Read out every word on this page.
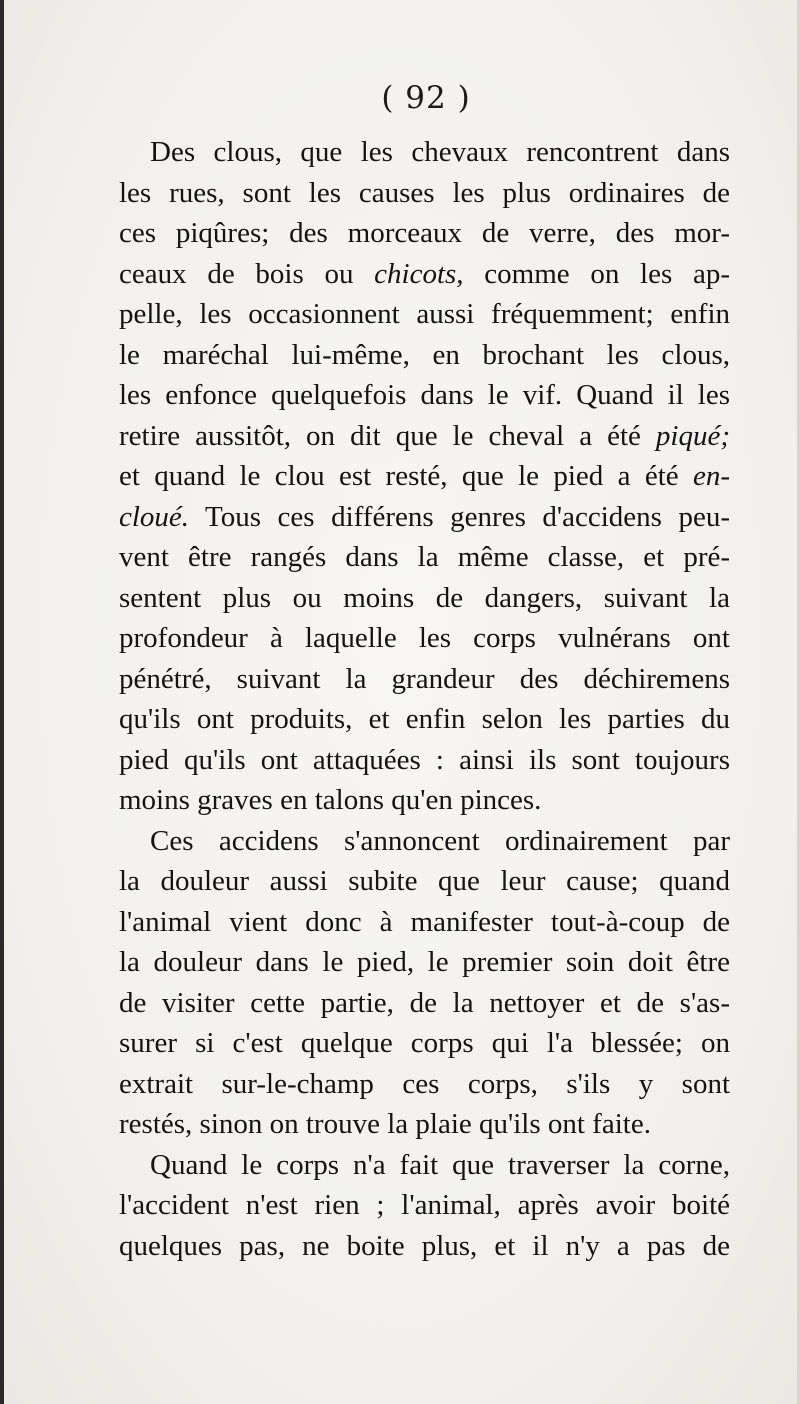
( 92 )
Des clous, que les chevaux rencontrent dans
les rues, sont les causes les plus ordinaires de
ces piqûres; des morceaux de verre, des mor-
ceaux de bois ou chicots, comme on les ap-
pelle, les occasionnent aussi fréquemment; enfin
le maréchal lui-même, en brochant les clous,
les enfonce quelquefois dans le vif. Quand il les
retire aussitôt, on dit que le cheval a été piqué;
et quand le clou est resté, que le pied a été en-
cloué. Tous ces différens genres d'accidens peu-
vent être rangés dans la même classe, et pré-
sentent plus ou moins de dangers, suivant la
profondeur à laquelle les corps vulnérans ont
pénétré, suivant la grandeur des déchiremens
qu'ils ont produits, et enfin selon les parties du
pied qu'ils ont attaquées : ainsi ils sont toujours
moins graves en talons qu'en pinces.
Ces accidens s'annoncent ordinairement par
la douleur aussi subite que leur cause; quand
l'animal vient donc à manifester tout-à-coup de
la douleur dans le pied, le premier soin doit être
de visiter cette partie, de la nettoyer et de s'as-
surer si c'est quelque corps qui l'a blessée; on
extrait sur-le-champ ces corps, s'ils y sont
restés, sinon on trouve la plaie qu'ils ont faite.
Quand le corps n'a fait que traverser la corne,
l'accident n'est rien ; l'animal, après avoir boité
quelques pas, ne boite plus, et il n'y a pas de
